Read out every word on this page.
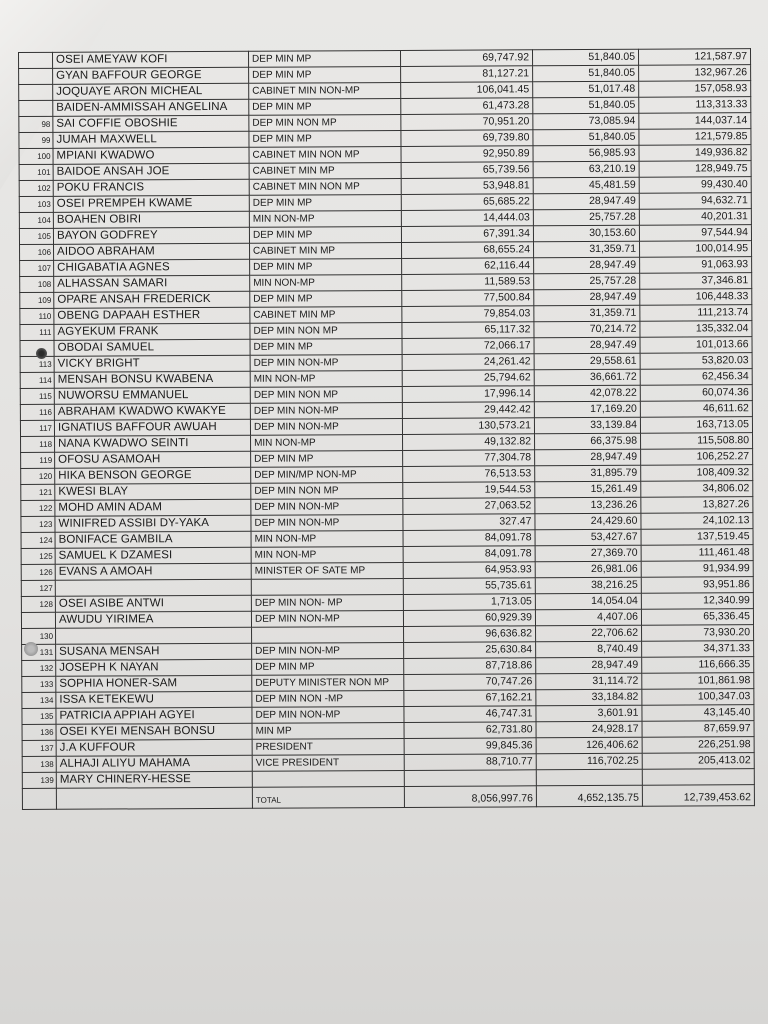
	OSEI AMEYAW KOFI	DEP MIN MP	69,747.92	51,840.05	121,587.97
	GYAN BAFFOUR GEORGE	DEP MIN MP	81,127.21	51,840.05	132,967.26
	JOQUAYE ARON MICHEAL	CABINET MIN NON-MP	106,041.45	51,017.48	157,058.93
	BAIDEN-AMMISSAH ANGELINA	DEP MIN MP	61,473.28	51,840.05	113,313.33
98	SAI COFFIE OBOSHIE	DEP MIN NON MP	70,951.20	73,085.94	144,037.14
99	JUMAH MAXWELL	DEP MIN MP	69,739.80	51,840.05	121,579.85
100	MPIANI KWADWO	CABINET MIN NON MP	92,950.89	56,985.93	149,936.82
101	BAIDOE ANSAH JOE	CABINET MIN MP	65,739.56	63,210.19	128,949.75
102	POKU FRANCIS	CABINET MIN NON MP	53,948.81	45,481.59	99,430.40
103	OSEI PREMPEH KWAME	DEP MIN MP	65,685.22	28,947.49	94,632.71
104	BOAHEN OBIRI	MIN NON-MP	14,444.03	25,757.28	40,201.31
105	BAYON GODFREY	DEP MIN MP	67,391.34	30,153.60	97,544.94
106	AIDOO ABRAHAM	CABINET MIN MP	68,655.24	31,359.71	100,014.95
107	CHIGABATIA AGNES	DEP MIN MP	62,116.44	28,947.49	91,063.93
108	ALHASSAN SAMARI	MIN NON-MP	11,589.53	25,757.28	37,346.81
109	OPARE ANSAH FREDERICK	DEP MIN MP	77,500.84	28,947.49	106,448.33
110	OBENG DAPAAH ESTHER	CABINET MIN MP	79,854.03	31,359.71	111,213.74
111	AGYEKUM FRANK	DEP MIN NON MP	65,117.32	70,214.72	135,332.04
	OBODAI SAMUEL	DEP MIN MP	72,066.17	28,947.49	101,013.66
113	VICKY BRIGHT	DEP MIN NON-MP	24,261.42	29,558.61	53,820.03
114	MENSAH BONSU KWABENA	MIN NON-MP	25,794.62	36,661.72	62,456.34
115	NUWORSU EMMANUEL	DEP MIN NON MP	17,996.14	42,078.22	60,074.36
116	ABRAHAM KWADWO KWAKYE	DEP MIN NON-MP	29,442.42	17,169.20	46,611.62
117	IGNATIUS BAFFOUR AWUAH	DEP MIN NON-MP	130,573.21	33,139.84	163,713.05
118	NANA KWADWO SEINTI	MIN NON-MP	49,132.82	66,375.98	115,508.80
119	OFOSU ASAMOAH	DEP MIN MP	77,304.78	28,947.49	106,252.27
120	HIKA BENSON GEORGE	DEP MIN/MP NON-MP	76,513.53	31,895.79	108,409.32
121	KWESI BLAY	DEP MIN NON MP	19,544.53	15,261.49	34,806.02
122	MOHD AMIN ADAM	DEP MIN NON-MP	27,063.52	13,236.26	13,827.26
123	WINIFRED ASSIBI DY-YAKA	DEP MIN NON-MP	327.47	24,429.60	24,102.13
124	BONIFACE GAMBILA	MIN NON-MP	84,091.78	53,427.67	137,519.45
125	SAMUEL K DZAMESI	MIN NON-MP	84,091.78	27,369.70	111,461.48
126	EVANS A AMOAH	MINISTER OF SATE MP	64,953.93	26,981.06	91,934.99
127			55,735.61	38,216.25	93,951.86
128	OSEI ASIBE ANTWI	DEP MIN NON- MP	1,713.05	14,054.04	12,340.99
	AWUDU YIRIMEA	DEP MIN NON-MP	60,929.39	4,407.06	65,336.45
130			96,636.82	22,706.62	73,930.20
131	SUSANA MENSAH	DEP MIN NON-MP	25,630.84	8,740.49	34,371.33
132	JOSEPH K NAYAN	DEP MIN MP	87,718.86	28,947.49	116,666.35
133	SOPHIA HONER-SAM	DEPUTY MINISTER NON MP	70,747.26	31,114.72	101,861.98
134	ISSA KETEKEWU	DEP MIN NON -MP	67,162.21	33,184.82	100,347.03
135	PATRICIA APPIAH AGYEI	DEP MIN NON-MP	46,747.31	3,601.91	43,145.40
136	OSEI KYEI MENSAH BONSU	MIN MP	62,731.80	24,928.17	87,659.97
137	J.A KUFFOUR	PRESIDENT	99,845.36	126,406.62	226,251.98
138	ALHAJI ALIYU MAHAMA	VICE PRESIDENT	88,710.77	116,702.25	205,413.02
139	MARY CHINERY-HESSE				
		TOTAL	8,056,997.76	4,652,135.75	12,739,453.62
